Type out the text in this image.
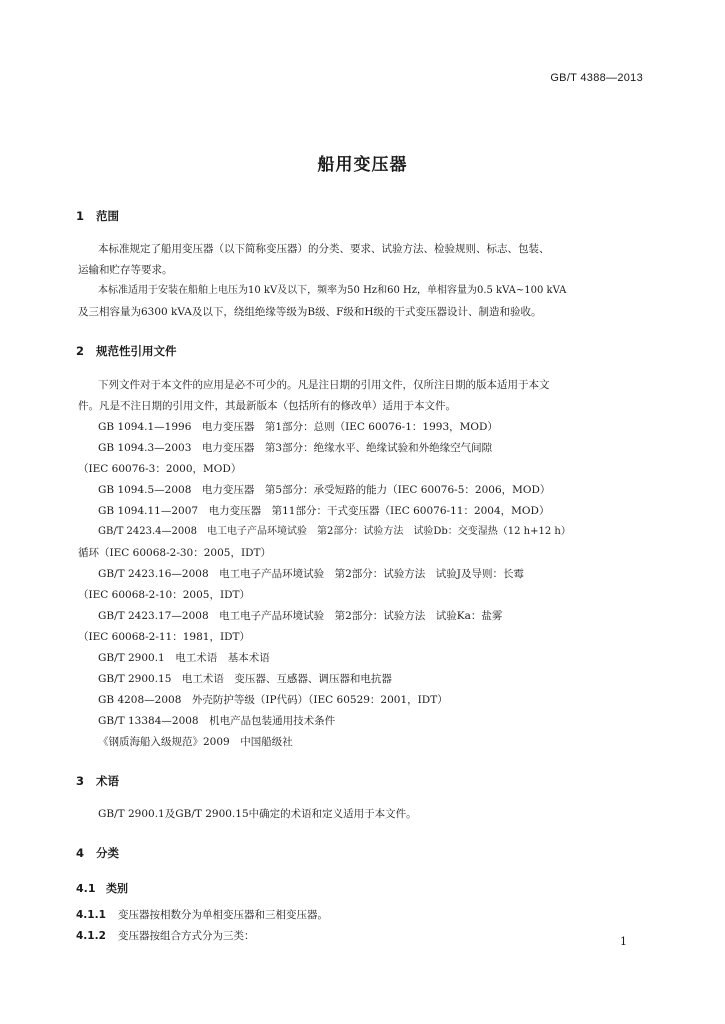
GB/T 4388—2013
船用变压器
1 范围
本标准规定了船用变压器（以下简称变压器）的分类、要求、试验方法、检验规则、标志、包装、
运输和贮存等要求。
本标准适用于安装在船舶上电压为10 kV及以下，频率为50 Hz和60 Hz，单相容量为0.5 kVA~100 kVA
及三相容量为6300 kVA及以下，绕组绝缘等级为B级、F级和H级的干式变压器设计、制造和验收。
2 规范性引用文件
下列文件对于本文件的应用是必不可少的。凡是注日期的引用文件，仅所注日期的版本适用于本文
件。凡是不注日期的引用文件，其最新版本（包括所有的修改单）适用于本文件。
GB 1094.1—1996　电力变压器　第1部分：总则（IEC 60076-1：1993，MOD）
GB 1094.3—2003　电力变压器　第3部分：绝缘水平、绝缘试验和外绝缘空气间隙
（IEC 60076-3：2000，MOD）
GB 1094.5—2008　电力变压器　第5部分：承受短路的能力（IEC 60076-5：2006，MOD）
GB 1094.11—2007　电力变压器　第11部分：干式变压器（IEC 60076-11：2004，MOD）
GB/T 2423.4—2008　电工电子产品环境试验　第2部分：试验方法　试验Db：交变湿热（12 h+12 h）
循环（IEC 60068-2-30：2005，IDT）
GB/T 2423.16—2008　电工电子产品环境试验　第2部分：试验方法　试验J及导则：长霉
（IEC 60068-2-10：2005，IDT）
GB/T 2423.17—2008　电工电子产品环境试验　第2部分：试验方法　试验Ka：盐雾
（IEC 60068-2-11：1981，IDT）
GB/T 2900.1　电工术语　基本术语
GB/T 2900.15　电工术语　变压器、互感器、调压器和电抗器
GB 4208—2008　外壳防护等级（IP代码）（IEC 60529：2001，IDT）
GB/T 13384—2008　机电产品包装通用技术条件
《钢质海船入级规范》2009　中国船级社
3 术语
GB/T 2900.1及GB/T 2900.15中确定的术语和定义适用于本文件。
4 分类
4.1 类别
4.1.1 变压器按相数分为单相变压器和三相变压器。
4.1.2 变压器按组合方式分为三类：	1
